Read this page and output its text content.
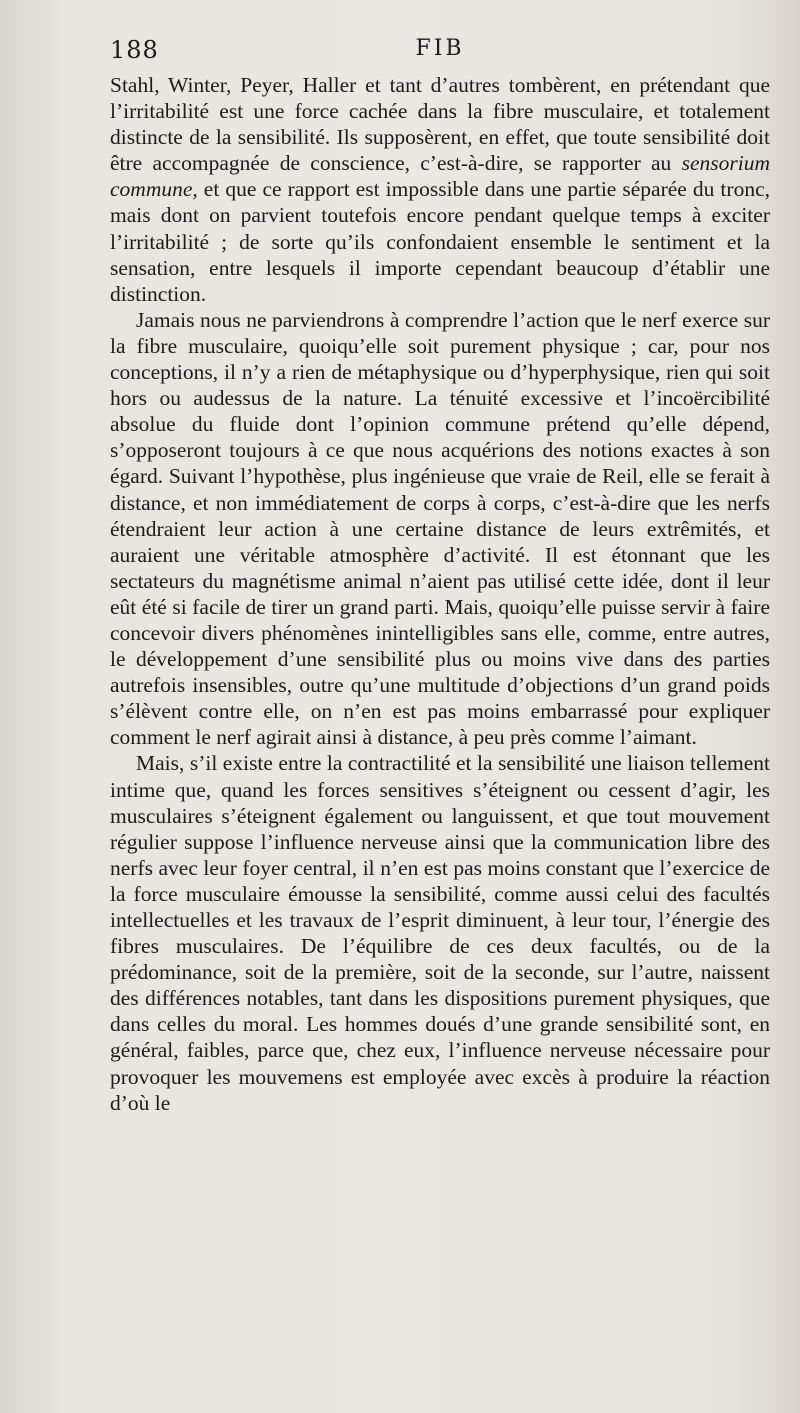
188	FIB

Stahl, Winter, Peyer, Haller et tant d’autres tombèrent, en prétendant que l’irritabilité est une force cachée dans la fibre musculaire, et totalement distincte de la sensibilité. Ils supposèrent, en effet, que toute sensibilité doit être accompagnée de conscience, c’est-à-dire, se rapporter au sensorium commune, et que ce rapport est impossible dans une partie séparée du tronc, mais dont on parvient toutefois encore pendant quelque temps à exciter l’irritabilité ; de sorte qu’ils confondaient ensemble le sentiment et la sensation, entre lesquels il importe cependant beaucoup d’établir une distinction.

Jamais nous ne parviendrons à comprendre l’action que le nerf exerce sur la fibre musculaire, quoiqu’elle soit purement physique ; car, pour nos conceptions, il n’y a rien de métaphysique ou d’hyperphysique, rien qui soit hors ou audessus de la nature. La ténuité excessive et l’incoërcibilité absolue du fluide dont l’opinion commune prétend qu’elle dépend, s’opposeront toujours à ce que nous acquérions des notions exactes à son égard. Suivant l’hypothèse, plus ingénieuse que vraie de Reil, elle se ferait à distance, et non immédiatement de corps à corps, c’est-à-dire que les nerfs étendraient leur action à une certaine distance de leurs extrêmités, et auraient une véritable atmosphère d’activité. Il est étonnant que les sectateurs du magnétisme animal n’aient pas utilisé cette idée, dont il leur eût été si facile de tirer un grand parti. Mais, quoiqu’elle puisse servir à faire concevoir divers phénomènes inintelligibles sans elle, comme, entre autres, le développement d’une sensibilité plus ou moins vive dans des parties autrefois insensibles, outre qu’une multitude d’objections d’un grand poids s’élèvent contre elle, on n’en est pas moins embarrassé pour expliquer comment le nerf agirait ainsi à distance, à peu près comme l’aimant.

Mais, s’il existe entre la contractilité et la sensibilité une liaison tellement intime que, quand les forces sensitives s’éteignent ou cessent d’agir, les musculaires s’éteignent également ou languissent, et que tout mouvement régulier suppose l’influence nerveuse ainsi que la communication libre des nerfs avec leur foyer central, il n’en est pas moins constant que l’exercice de la force musculaire émousse la sensibilité, comme aussi celui des facultés intellectuelles et les travaux de l’esprit diminuent, à leur tour, l’énergie des fibres musculaires. De l’équilibre de ces deux facultés, ou de la prédominance, soit de la première, soit de la seconde, sur l’autre, naissent des différences notables, tant dans les dispositions purement physiques, que dans celles du moral. Les hommes doués d’une grande sensibilité sont, en général, faibles, parce que, chez eux, l’influence nerveuse nécessaire pour provoquer les mouvemens est employée avec excès à produire la réaction d’où le
